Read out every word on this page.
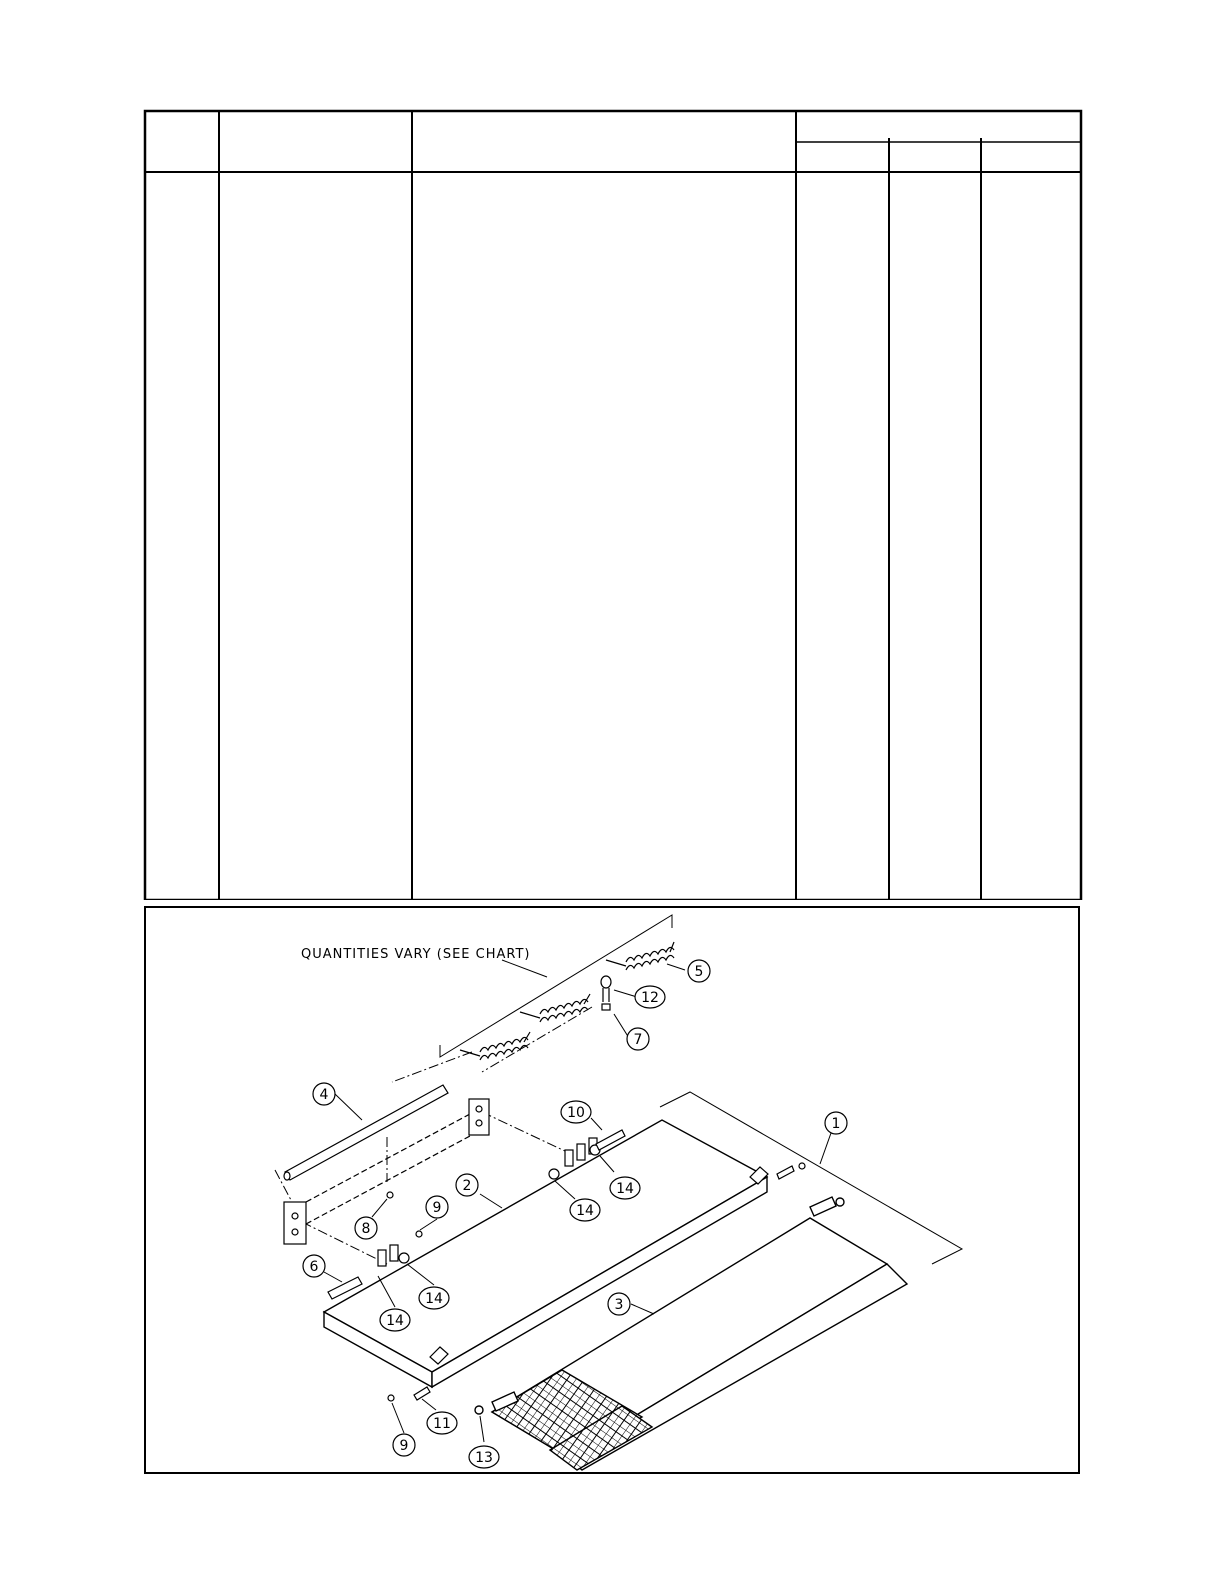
QUANTITIES VARY (SEE CHART)
1
2
3
4
5
6
7
8
9
9
10
11
12
13
14
14
14
14
